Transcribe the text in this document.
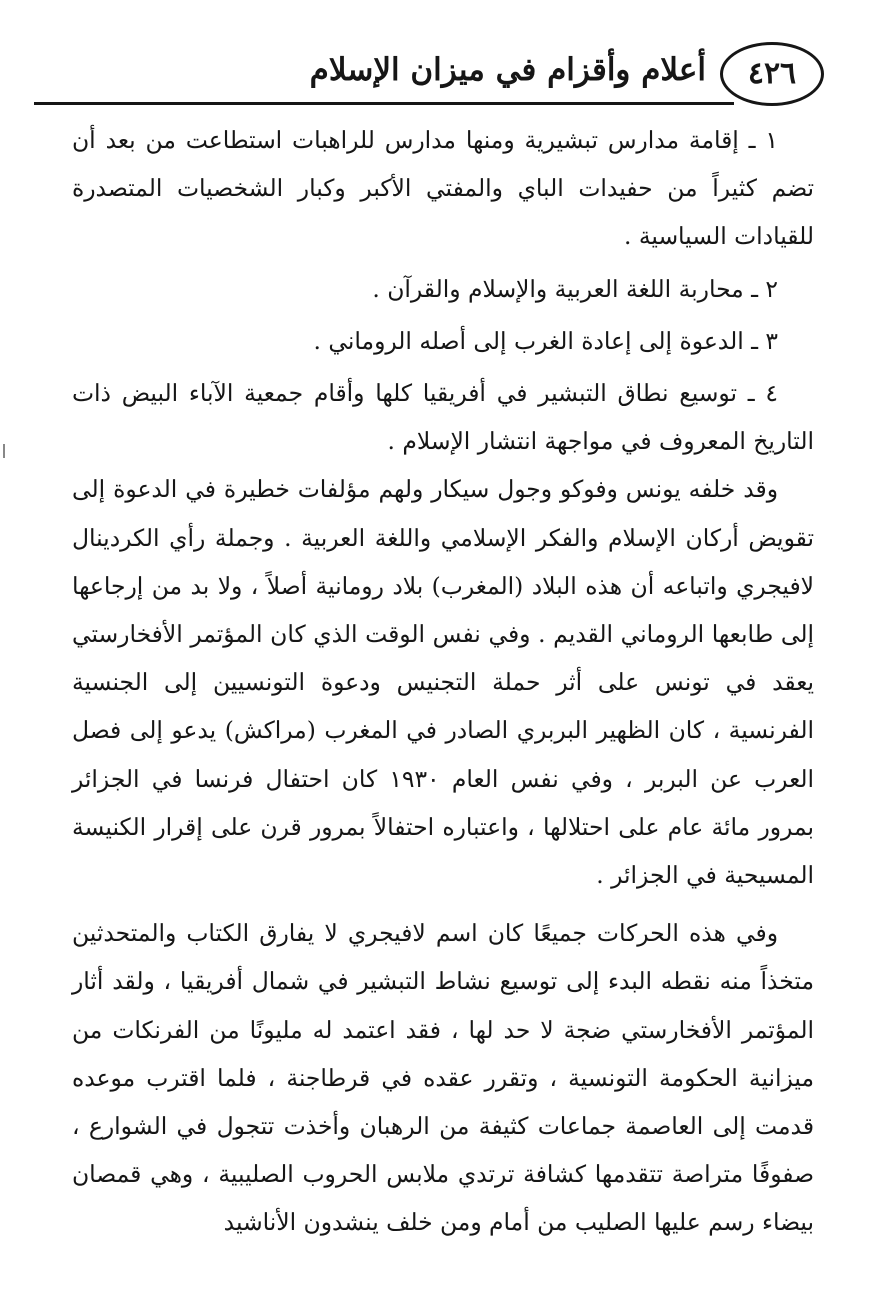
٤٢٦
أعلام وأقزام في ميزان الإسلام

١ ـ إقامة مدارس تبشيرية ومنها مدارس للراهبات استطاعت من بعد أن تضم كثيراً من حفيدات الباي والمفتي الأكبر وكبار الشخصيات المتصدرة للقيادات السياسية .

٢ ـ محاربة اللغة العربية والإسلام والقرآن .

٣ ـ الدعوة إلى إعادة الغرب إلى أصله الروماني .

٤ ـ توسيع نطاق التبشير في أفريقيا كلها وأقام جمعية الآباء البيض ذات التاريخ المعروف في مواجهة انتشار الإسلام .

وقد خلفه يونس وفوكو وجول سيكار ولهم مؤلفات خطيرة في الدعوة إلى تقويض أركان الإسلام والفكر الإسلامي واللغة العربية . وجملة رأي الكردينال لافيجري واتباعه أن هذه البلاد (المغرب) بلاد رومانية أصلاً ، ولا بد من إرجاعها إلى طابعها الروماني القديم . وفي نفس الوقت الذي كان المؤتمر الأفخارستي يعقد في تونس على أثر حملة التجنيس ودعوة التونسيين إلى الجنسية الفرنسية ، كان الظهير البربري الصادر في المغرب (مراكش) يدعو إلى فصل العرب عن البربر ، وفي نفس العام ١٩٣٠ كان احتفال فرنسا في الجزائر بمرور مائة عام على احتلالها ، واعتباره احتفالاً بمرور قرن على إقرار الكنيسة المسيحية في الجزائر .

وفي هذه الحركات جميعًا كان اسم لافيجري لا يفارق الكتاب والمتحدثين متخذاً منه نقطه البدء إلى توسيع نشاط التبشير في شمال أفريقيا ، ولقد أثار المؤتمر الأفخارستي ضجة لا حد لها ، فقد اعتمد له مليونًا من الفرنكات من ميزانية الحكومة التونسية ، وتقرر عقده في قرطاجنة ، فلما اقترب موعده قدمت إلى العاصمة جماعات كثيفة من الرهبان وأخذت تتجول في الشوارع ، صفوفًا متراصة تتقدمها كشافة ترتدي ملابس الحروب الصليبية ، وهي قمصان بيضاء رسم عليها الصليب من أمام ومن خلف ينشدون الأناشيد
